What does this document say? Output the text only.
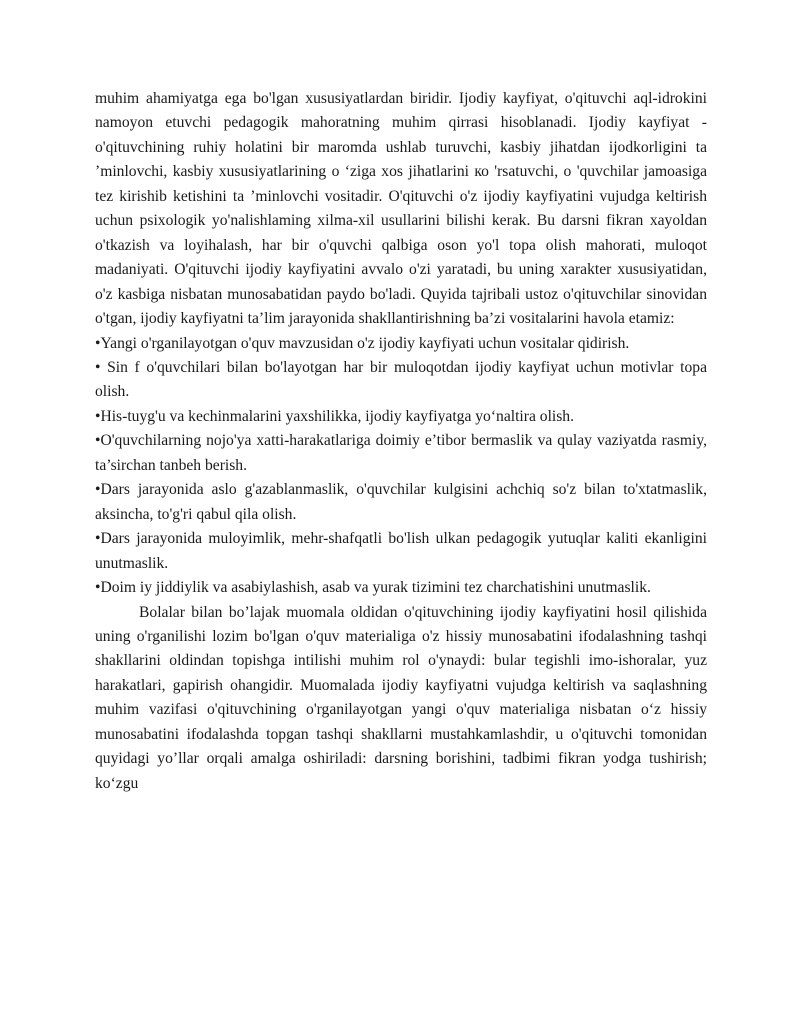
muhim ahamiyatga ega bo'lgan xususiyatlardan biridir. Ijodiy kayfiyat, o'qituvchi aql-idrokini namoyon etuvchi pedagogik mahoratning muhim qirrasi hisoblanadi. Ijodiy kayfiyat -o'qituvchining ruhiy holatini bir maromda ushlab turuvchi, kasbiy jihatdan ijodkorligini ta ’minlovchi, kasbiy xususiyatlarining o ‘ziga xos jihatlarini ко 'rsatuvchi, o 'quvchilar jamoasiga tez kirishib ketishini ta ’minlovchi vositadir. O'qituvchi o'z ijodiy kayfiyatini vujudga keltirish uchun psixologik yo'nalishlaming xilma-xil usullarini bilishi kerak. Bu darsni fikran xayoldan o'tkazish va loyihalash, har bir o'quvchi qalbiga oson yo'l topa olish mahorati, muloqot madaniyati. O'qituvchi ijodiy kayfiyatini avvalo o'zi yaratadi, bu uning xarakter xususiyatidan, o'z kasbiga nisbatan munosabatidan paydo bo'ladi. Quyida tajribali ustoz o'qituvchilar sinovidan o'tgan, ijodiy kayfiyatni ta’lim jarayonida shakllantirishning ba’zi vositalarini havola etamiz:

•Yangi o'rganilayotgan o'quv mavzusidan o'z ijodiy kayfiyati uchun vositalar qidirish.

• Sin f o'quvchilari bilan bo'layotgan har bir muloqotdan ijodiy kayfiyat uchun motivlar topa olish.

•His-tuyg'u va kechinmalarini yaxshilikka, ijodiy kayfiyatga yo‘naltira olish.

•O'quvchilarning nojo'ya xatti-harakatlariga doimiy e’tibor bermaslik va qulay vaziyatda rasmiy, ta’sirchan tanbeh berish.

•Dars jarayonida aslo g'azablanmaslik, o'quvchilar kulgisini achchiq so'z bilan to'xtatmaslik, aksincha, to'g'ri qabul qila olish.

•Dars jarayonida muloyimlik, mehr-shafqatli bo'lish ulkan pedagogik yutuqlar kaliti ekanligini unutmaslik.

•Doim iy jiddiylik va asabiylashish, asab va yurak tizimini tez charchatishini unutmaslik.

Bolalar bilan bo’lajak muomala oldidan o'qituvchining ijodiy kayfiyatini hosil qilishida uning o'rganilishi lozim bo'lgan o'quv materialiga o'z hissiy munosabatini ifodalashning tashqi shakllarini oldindan topishga intilishi muhim rol o'ynaydi: bular tegishli imo-ishoralar, yuz harakatlari, gapirish ohangidir. Muomalada ijodiy kayfiyatni vujudga keltirish va saqlashning muhim vazifasi o'qituvchining o'rganilayotgan yangi o'quv materialiga nisbatan o‘z hissiy munosabatini ifodalashda topgan tashqi shakllarni mustahkamlashdir, u o'qituvchi tomonidan quyidagi yo’llar orqali amalga oshiriladi: darsning borishini, tadbimi fikran yodga tushirish; ko‘zgu
